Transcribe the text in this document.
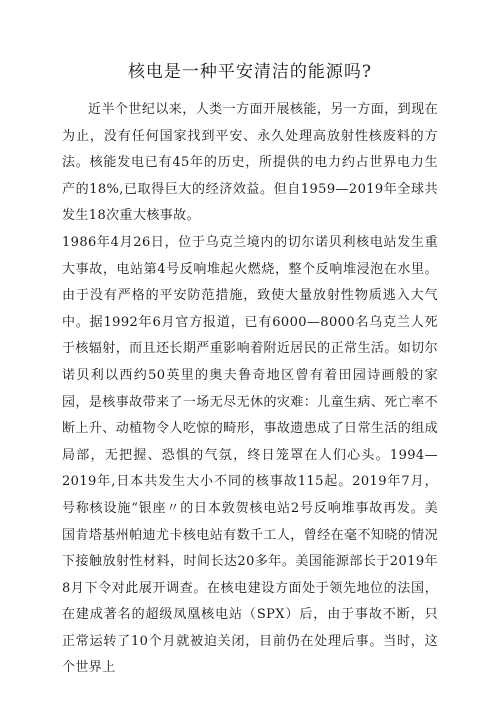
核电是一种平安清洁的能源吗?

近半个世纪以来，人类一方面开展核能，另一方面，到现在为止，没有任何国家找到平安、永久处理高放射性核废料的方法。核能发电已有45年的历史，所提供的电力约占世界电力生产的18%,已取得巨大的经济效益。但自1959—2019年全球共发生18次重大核事故。

1986年4月26日，位于乌克兰境内的切尔诺贝利核电站发生重大事故，电站第4号反响堆起火燃烧，整个反响堆浸泡在水里。由于没有严格的平安防范措施，致使大量放射性物质逃入大气中。据1992年6月官方报道，已有6000—8000名乌克兰人死于核辐射，而且还长期严重影响着附近居民的正常生活。如切尔诺贝利以西约50英里的奥夫鲁奇地区曾有着田园诗画般的家园，是核事故带来了一场无尽无休的灾难：儿童生病、死亡率不断上升、动植物令人吃惊的畸形，事故遗患成了日常生活的组成局部，无把握、恐惧的气氛，终日笼罩在人们心头。1994—2019年,日本共发生大小不同的核事故115起。2019年7月，号称核设施“银座〃的日本敦贺核电站2号反响堆事故再发。美国肯塔基州帕迪尤卡核电站有数千工人，曾经在毫不知晓的情况下接触放射性材料，时间长达20多年。美国能源部长于2019年8月下令对此展开调查。在核电建设方面处于领先地位的法国，在建成著名的超级凤凰核电站（SPX）后，由于事故不断，只正常运转了10个月就被迫关闭，目前仍在处理后事。当时，这个世界上
